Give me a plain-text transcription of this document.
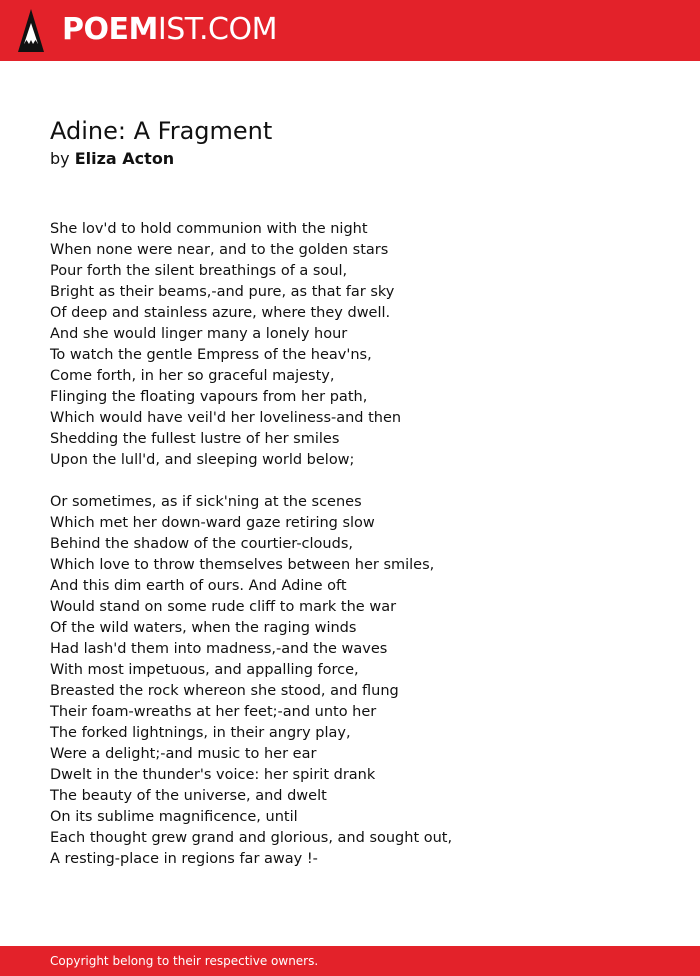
POEMIST.COM
Adine: A Fragment
by Eliza Acton
She lov'd to hold communion with the night
When none were near, and to the golden stars
Pour forth the silent breathings of a soul,
Bright as their beams,-and pure, as that far sky
Of deep and stainless azure, where they dwell.
And she would linger many a lonely hour
To watch the gentle Empress of the heav'ns,
Come forth, in her so graceful majesty,
Flinging the floating vapours from her path,
Which would have veil'd her loveliness-and then
Shedding the fullest lustre of her smiles
Upon the lull'd, and sleeping world below;
Or sometimes, as if sick'ning at the scenes
Which met her down-ward gaze retiring slow
Behind the shadow of the courtier-clouds,
Which love to throw themselves between her smiles,
And this dim earth of ours. And Adine oft
Would stand on some rude cliff to mark the war
Of the wild waters, when the raging winds
Had lash'd them into madness,-and the waves
With most impetuous, and appalling force,
Breasted the rock whereon she stood, and flung
Their foam-wreaths at her feet;-and unto her
The forked lightnings, in their angry play,
Were a delight;-and music to her ear
Dwelt in the thunder's voice: her spirit drank
The beauty of the universe, and dwelt
On its sublime magnificence, until
Each thought grew grand and glorious, and sought out,
A resting-place in regions far away !-
Copyright belong to their respective owners.
